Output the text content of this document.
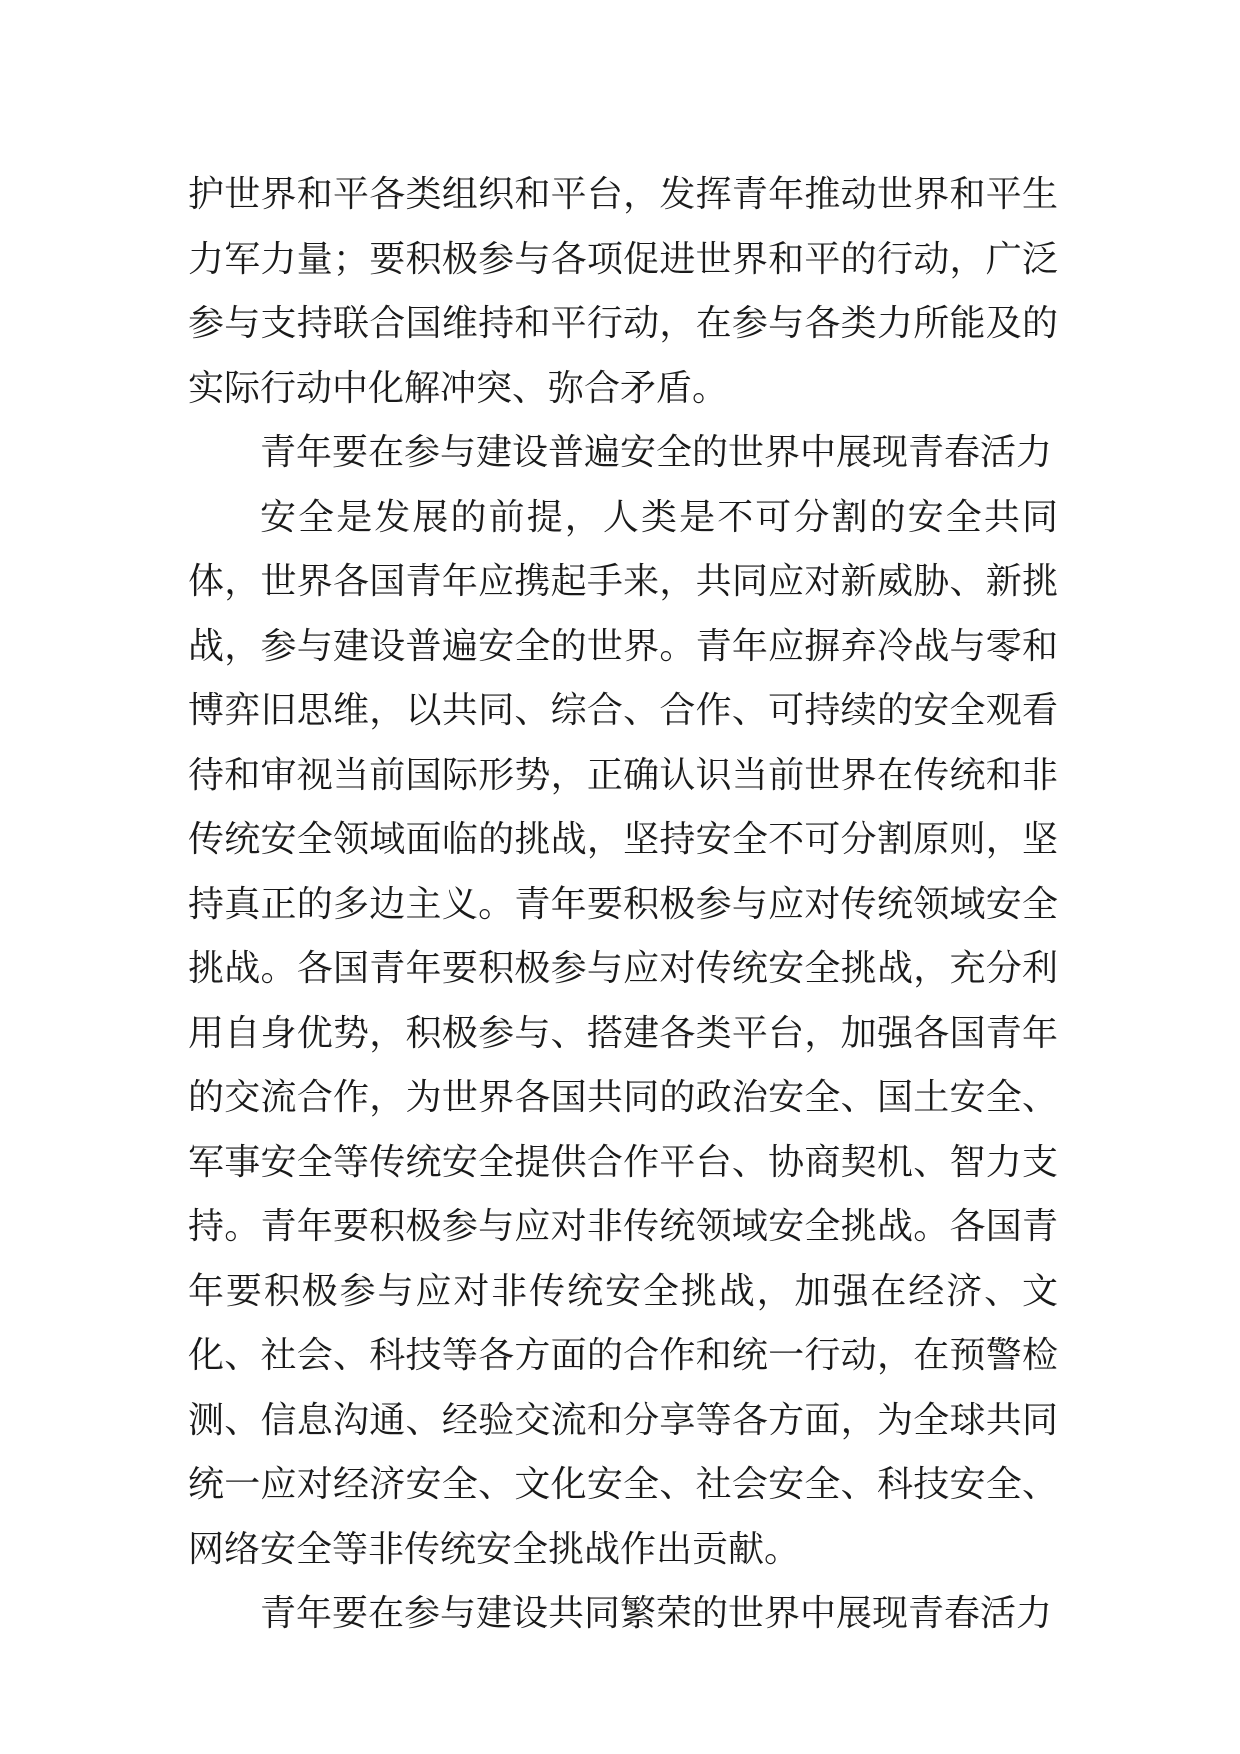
护世界和平各类组织和平台，发挥青年推动世界和平生力军力量；要积极参与各项促进世界和平的行动，广泛参与支持联合国维持和平行动，在参与各类力所能及的实际行动中化解冲突、弥合矛盾。

青年要在参与建设普遍安全的世界中展现青春活力

安全是发展的前提，人类是不可分割的安全共同体，世界各国青年应携起手来，共同应对新威胁、新挑战，参与建设普遍安全的世界。青年应摒弃冷战与零和博弈旧思维，以共同、综合、合作、可持续的安全观看待和审视当前国际形势，正确认识当前世界在传统和非传统安全领域面临的挑战，坚持安全不可分割原则，坚持真正的多边主义。青年要积极参与应对传统领域安全挑战。各国青年要积极参与应对传统安全挑战，充分利用自身优势，积极参与、搭建各类平台，加强各国青年的交流合作，为世界各国共同的政治安全、国土安全、军事安全等传统安全提供合作平台、协商契机、智力支持。青年要积极参与应对非传统领域安全挑战。各国青年要积极参与应对非传统安全挑战，加强在经济、文化、社会、科技等各方面的合作和统一行动，在预警检测、信息沟通、经验交流和分享等各方面，为全球共同统一应对经济安全、文化安全、社会安全、科技安全、网络安全等非传统安全挑战作出贡献。

青年要在参与建设共同繁荣的世界中展现青春活力
